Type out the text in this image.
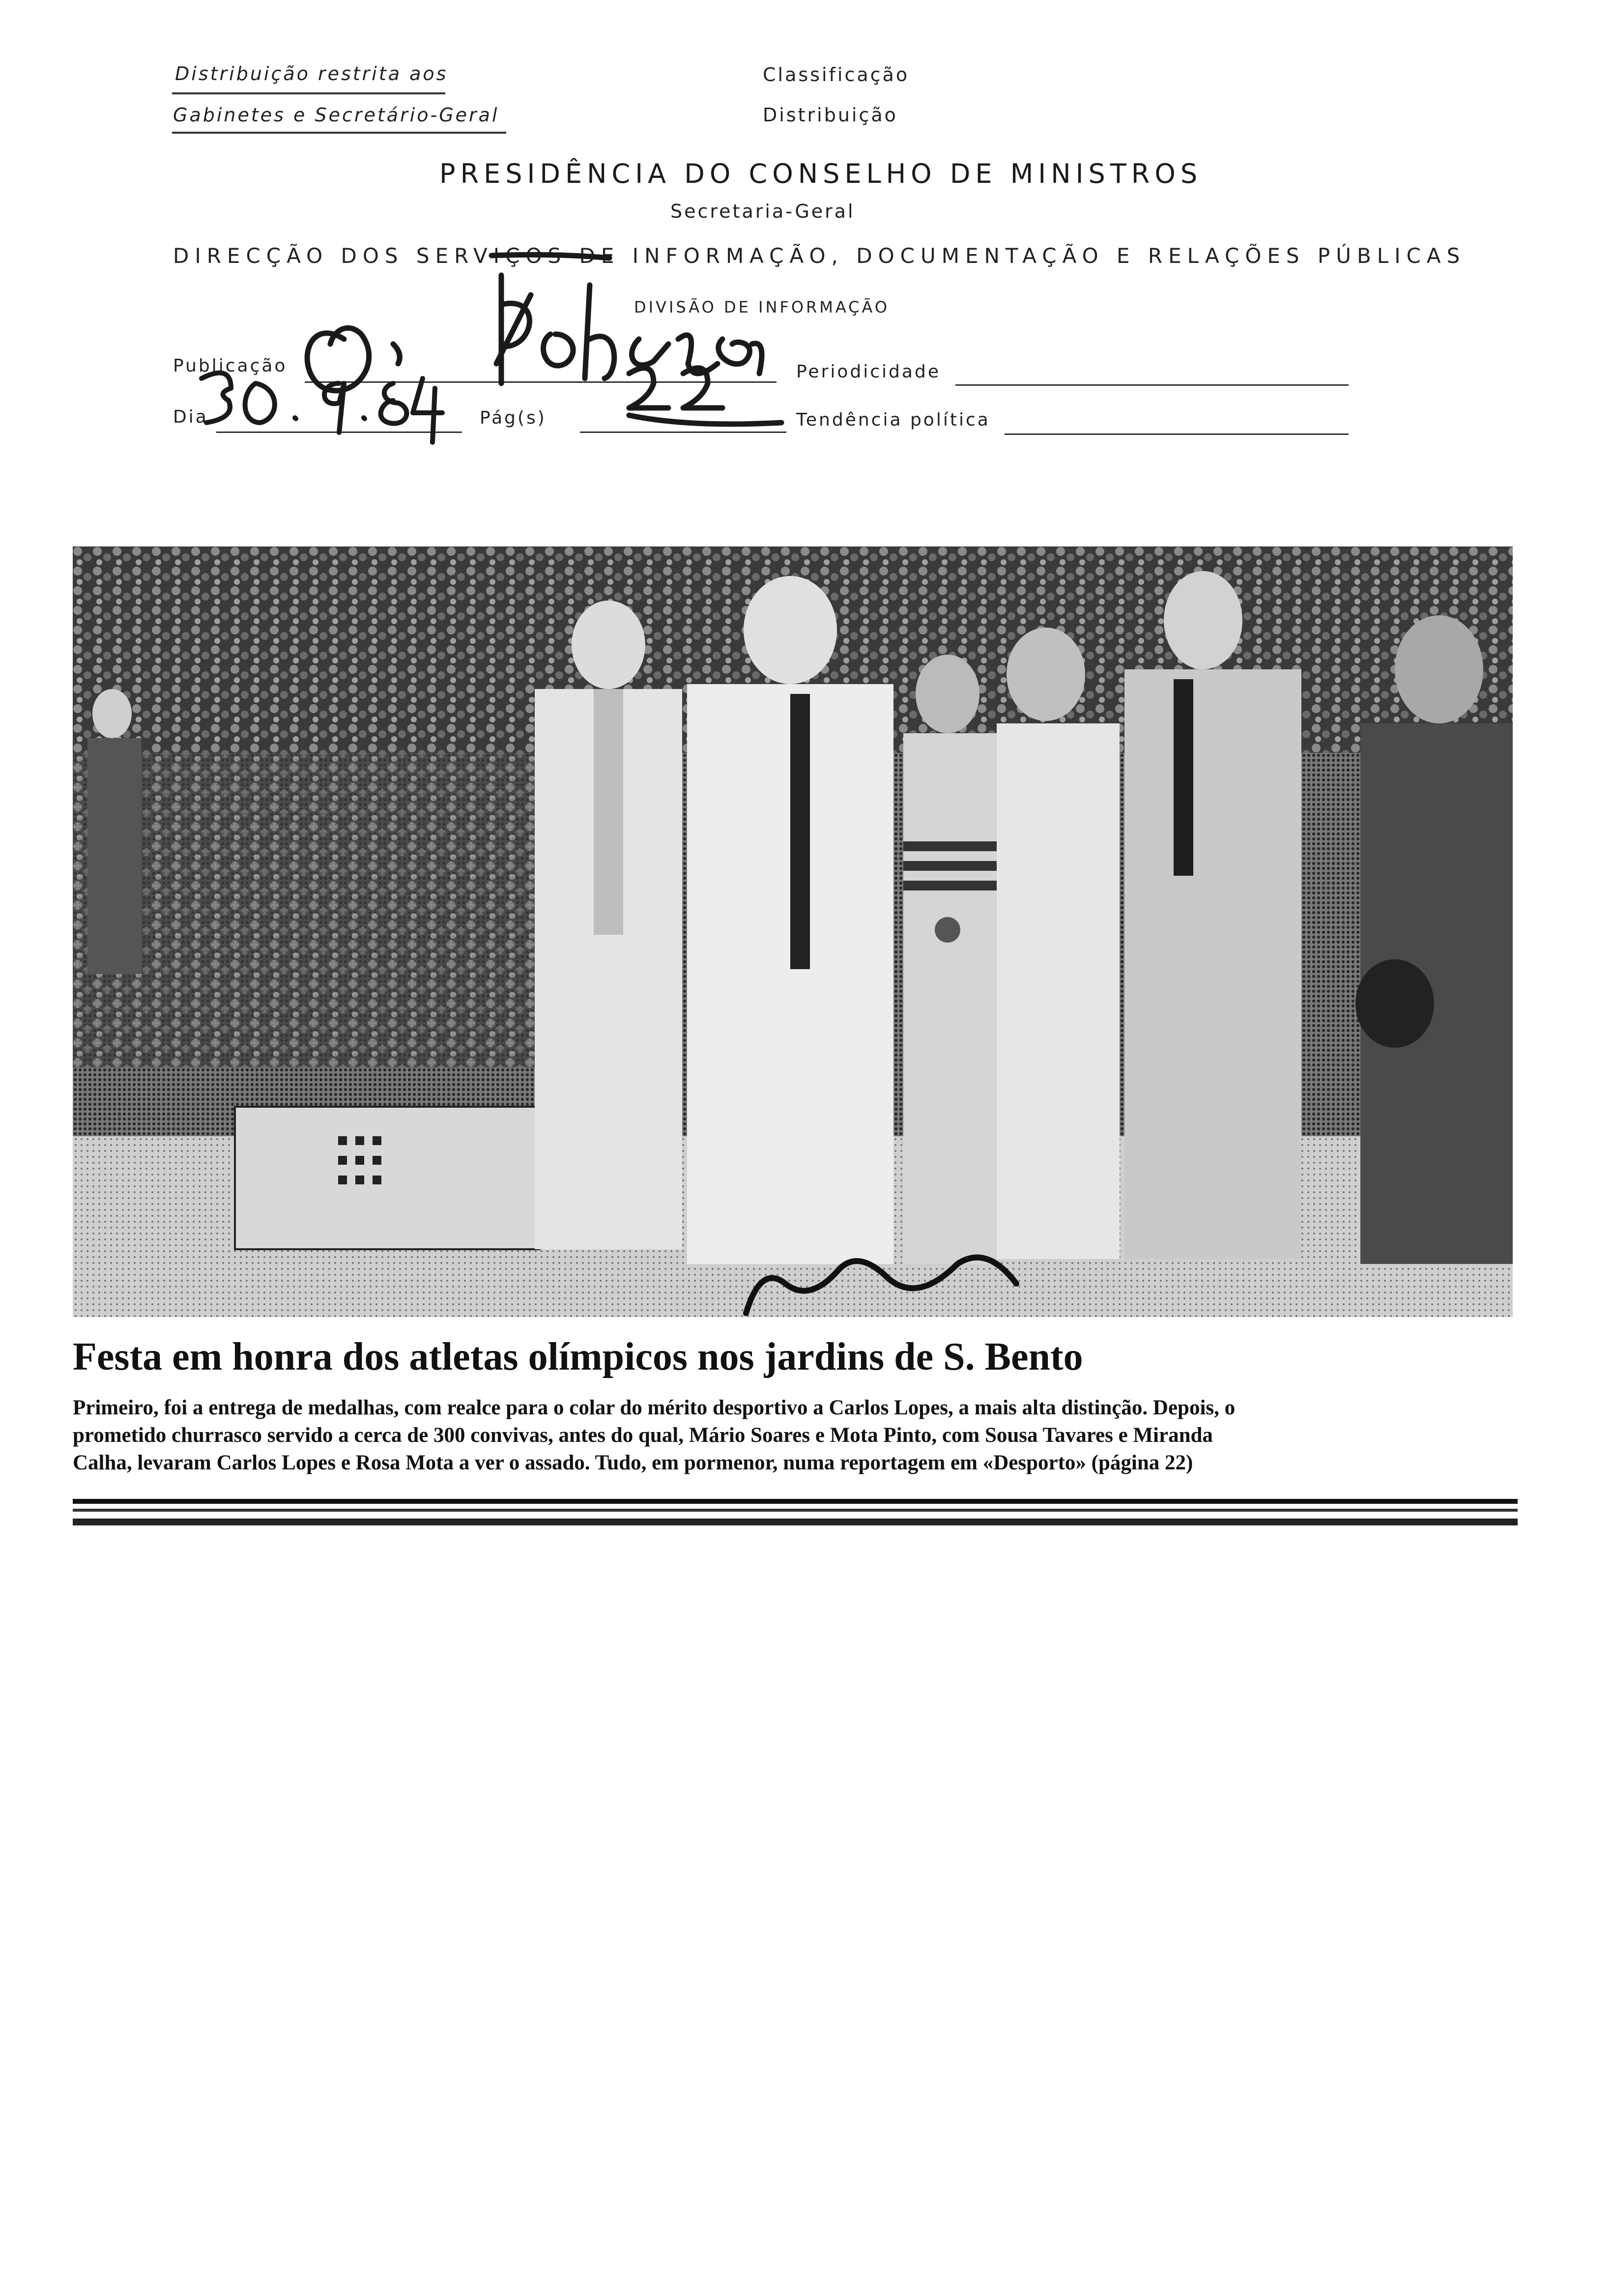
Distribuição restrita aos
Gabinetes e Secretário-Geral
Classificação
Distribuição
PRESIDÊNCIA DO CONSELHO DE MINISTROS
Secretaria-Geral
DIRECÇÃO DOS SERVIÇOS DE INFORMAÇÃO, DOCUMENTAÇÃO E RELAÇÕES PÚBLICAS
DIVISÃO DE INFORMAÇÃO
Publicação	Periodicidade
Dia	Pág(s)	Tendência política
Festa em honra dos atletas olímpicos nos jardins de S. Bento
Primeiro, foi a entrega de medalhas, com realce para o colar do mérito desportivo a Carlos Lopes, a mais alta distinção. Depois, o
prometido churrasco servido a cerca de 300 convivas, antes do qual, Mário Soares e Mota Pinto, com Sousa Tavares e Miranda
Calha, levaram Carlos Lopes e Rosa Mota a ver o assado. Tudo, em pormenor, numa reportagem em «Desporto» (página 22)
